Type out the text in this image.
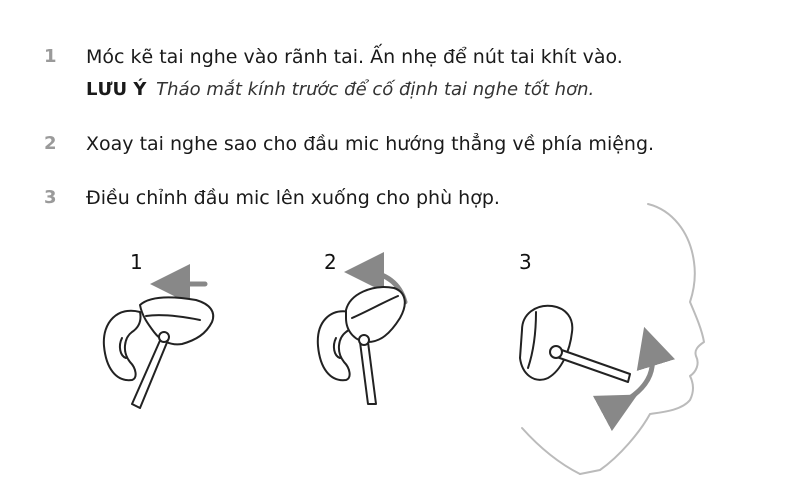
1 Móc kẽ tai nghe vào rãnh tai. Ấn nhẹ để nút tai khít vào.
LƯU Ý Tháo mắt kính trước để cố định tai nghe tốt hơn.
2 Xoay tai nghe sao cho đầu mic hướng thẳng về phía miệng.
3 Điều chỉnh đầu mic lên xuống cho phù hợp.
1	2	3
